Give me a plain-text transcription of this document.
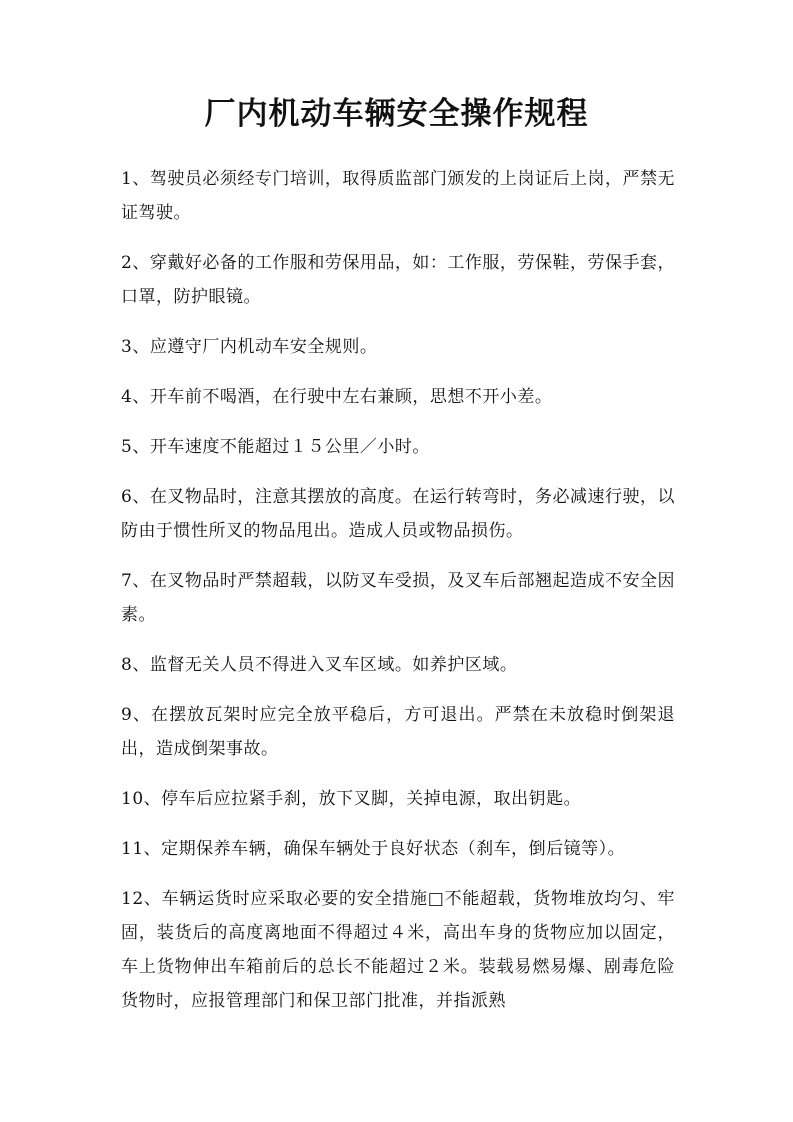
厂内机动车辆安全操作规程

1、驾驶员必须经专门培训，取得质监部门颁发的上岗证后上岗，严禁无证驾驶。

2、穿戴好必备的工作服和劳保用品，如：工作服，劳保鞋，劳保手套，口罩，防护眼镜。

3、应遵守厂内机动车安全规则。

4、开车前不喝酒，在行驶中左右兼顾，思想不开小差。

5、开车速度不能超过１５公里／小时。

6、在叉物品时，注意其摆放的高度。在运行转弯时，务必减速行驶，以防由于惯性所叉的物品甩出。造成人员或物品损伤。

7、在叉物品时严禁超载，以防叉车受损，及叉车后部翘起造成不安全因素。

8、监督无关人员不得进入叉车区域。如养护区域。

9、在摆放瓦架时应完全放平稳后，方可退出。严禁在未放稳时倒架退出，造成倒架事故。

10、停车后应拉紧手刹，放下叉脚，关掉电源，取出钥匙。

11、定期保养车辆，确保车辆处于良好状态（刹车，倒后镜等）。

12、车辆运货时应采取必要的安全措施□不能超载，货物堆放均匀、牢固，装货后的高度离地面不得超过４米，高出车身的货物应加以固定，车上货物伸出车箱前后的总长不能超过２米。装载易燃易爆、剧毒危险货物时，应报管理部门和保卫部门批准，并指派熟
